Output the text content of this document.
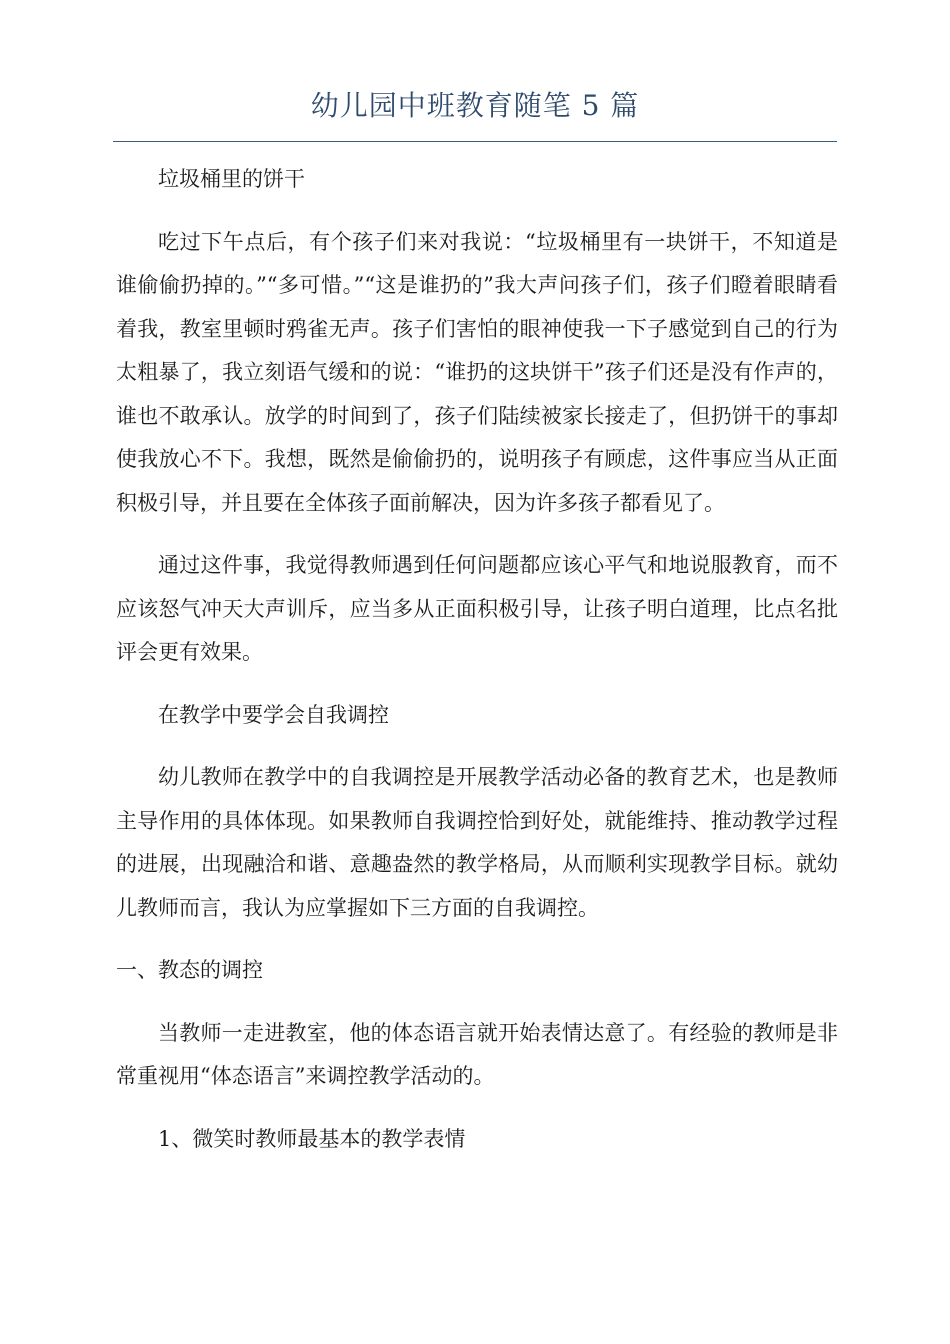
幼儿园中班教育随笔 5 篇

垃圾桶里的饼干

吃过下午点后，有个孩子们来对我说：“垃圾桶里有一块饼干，不知道是谁偷偷扔掉的。”“多可惜。”“这是谁扔的”我大声问孩子们，孩子们瞪着眼睛看着我，教室里顿时鸦雀无声。孩子们害怕的眼神使我一下子感觉到自己的行为太粗暴了，我立刻语气缓和的说：“谁扔的这块饼干”孩子们还是没有作声的，谁也不敢承认。放学的时间到了，孩子们陆续被家长接走了，但扔饼干的事却使我放心不下。我想，既然是偷偷扔的，说明孩子有顾虑，这件事应当从正面积极引导，并且要在全体孩子面前解决，因为许多孩子都看见了。

通过这件事，我觉得教师遇到任何问题都应该心平气和地说服教育，而不应该怒气冲天大声训斥，应当多从正面积极引导，让孩子明白道理，比点名批评会更有效果。

在教学中要学会自我调控

幼儿教师在教学中的自我调控是开展教学活动必备的教育艺术，也是教师主导作用的具体体现。如果教师自我调控恰到好处，就能维持、推动教学过程的进展，出现融洽和谐、意趣盎然的教学格局，从而顺利实现教学目标。就幼儿教师而言，我认为应掌握如下三方面的自我调控。

一、教态的调控

当教师一走进教室，他的体态语言就开始表情达意了。有经验的教师是非常重视用“体态语言”来调控教学活动的。

1、微笑时教师最基本的教学表情
